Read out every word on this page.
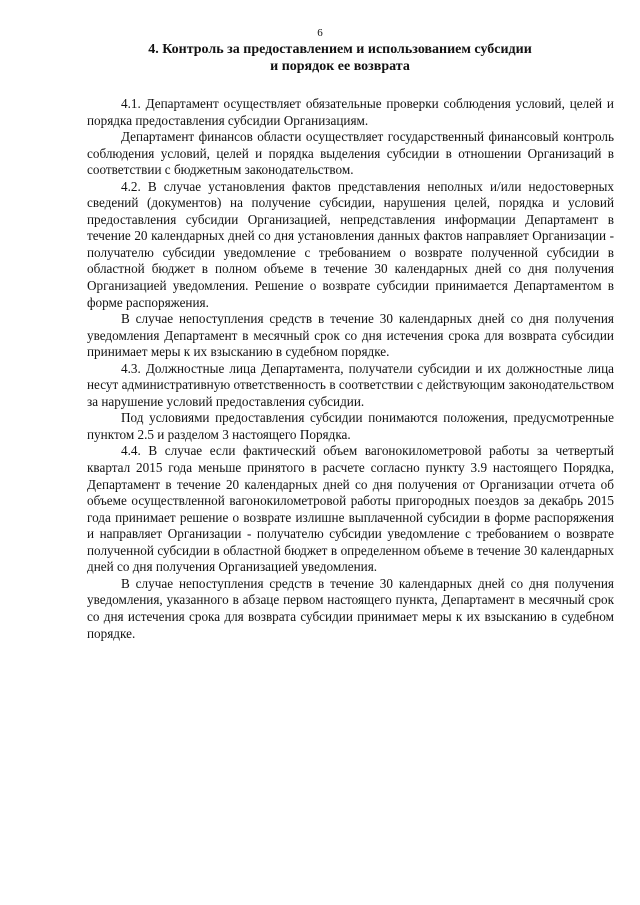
6
4. Контроль за предоставлением и использованием субсидии
и порядок ее возврата

4.1. Департамент осуществляет обязательные проверки соблюдения условий, целей и порядка предоставления субсидии Организациям.

Департамент финансов области осуществляет государственный финансовый контроль соблюдения условий, целей и порядка выделения субсидии в отношении Организаций в соответствии с бюджетным законодательством.

4.2. В случае установления фактов представления неполных и/или недостоверных сведений (документов) на получение субсидии, нарушения целей, порядка и условий предоставления субсидии Организацией, непредставления информации Департамент в течение 20 календарных дней со дня установления данных фактов направляет Организации - получателю субсидии уведомление с требованием о возврате полученной субсидии в областной бюджет в полном объеме в течение 30 календарных дней со дня получения Организацией уведомления. Решение о возврате субсидии принимается Департаментом в форме распоряжения.

В случае непоступления средств в течение 30 календарных дней со дня получения уведомления Департамент в месячный срок со дня истечения срока для возврата субсидии принимает меры к их взысканию в судебном порядке.

4.3. Должностные лица Департамента, получатели субсидии и их должностные лица несут административную ответственность в соответствии с действующим законодательством за нарушение условий предоставления субсидии.

Под условиями предоставления субсидии понимаются положения, предусмотренные пунктом 2.5 и разделом 3 настоящего Порядка.

4.4. В случае если фактический объем вагонокилометровой работы за четвертый квартал 2015 года меньше принятого в расчете согласно пункту 3.9 настоящего Порядка, Департамент в течение 20 календарных дней со дня получения от Организации отчета об объеме осуществленной вагонокилометровой работы пригородных поездов за декабрь 2015 года принимает решение о возврате излишне выплаченной субсидии в форме распоряжения и направляет Организации - получателю субсидии уведомление с требованием о возврате полученной субсидии в областной бюджет в определенном объеме в течение 30 календарных дней со дня получения Организацией уведомления.

В случае непоступления средств в течение 30 календарных дней со дня получения уведомления, указанного в абзаце первом настоящего пункта, Департамент в месячный срок со дня истечения срока для возврата субсидии принимает меры к их взысканию в судебном порядке.
